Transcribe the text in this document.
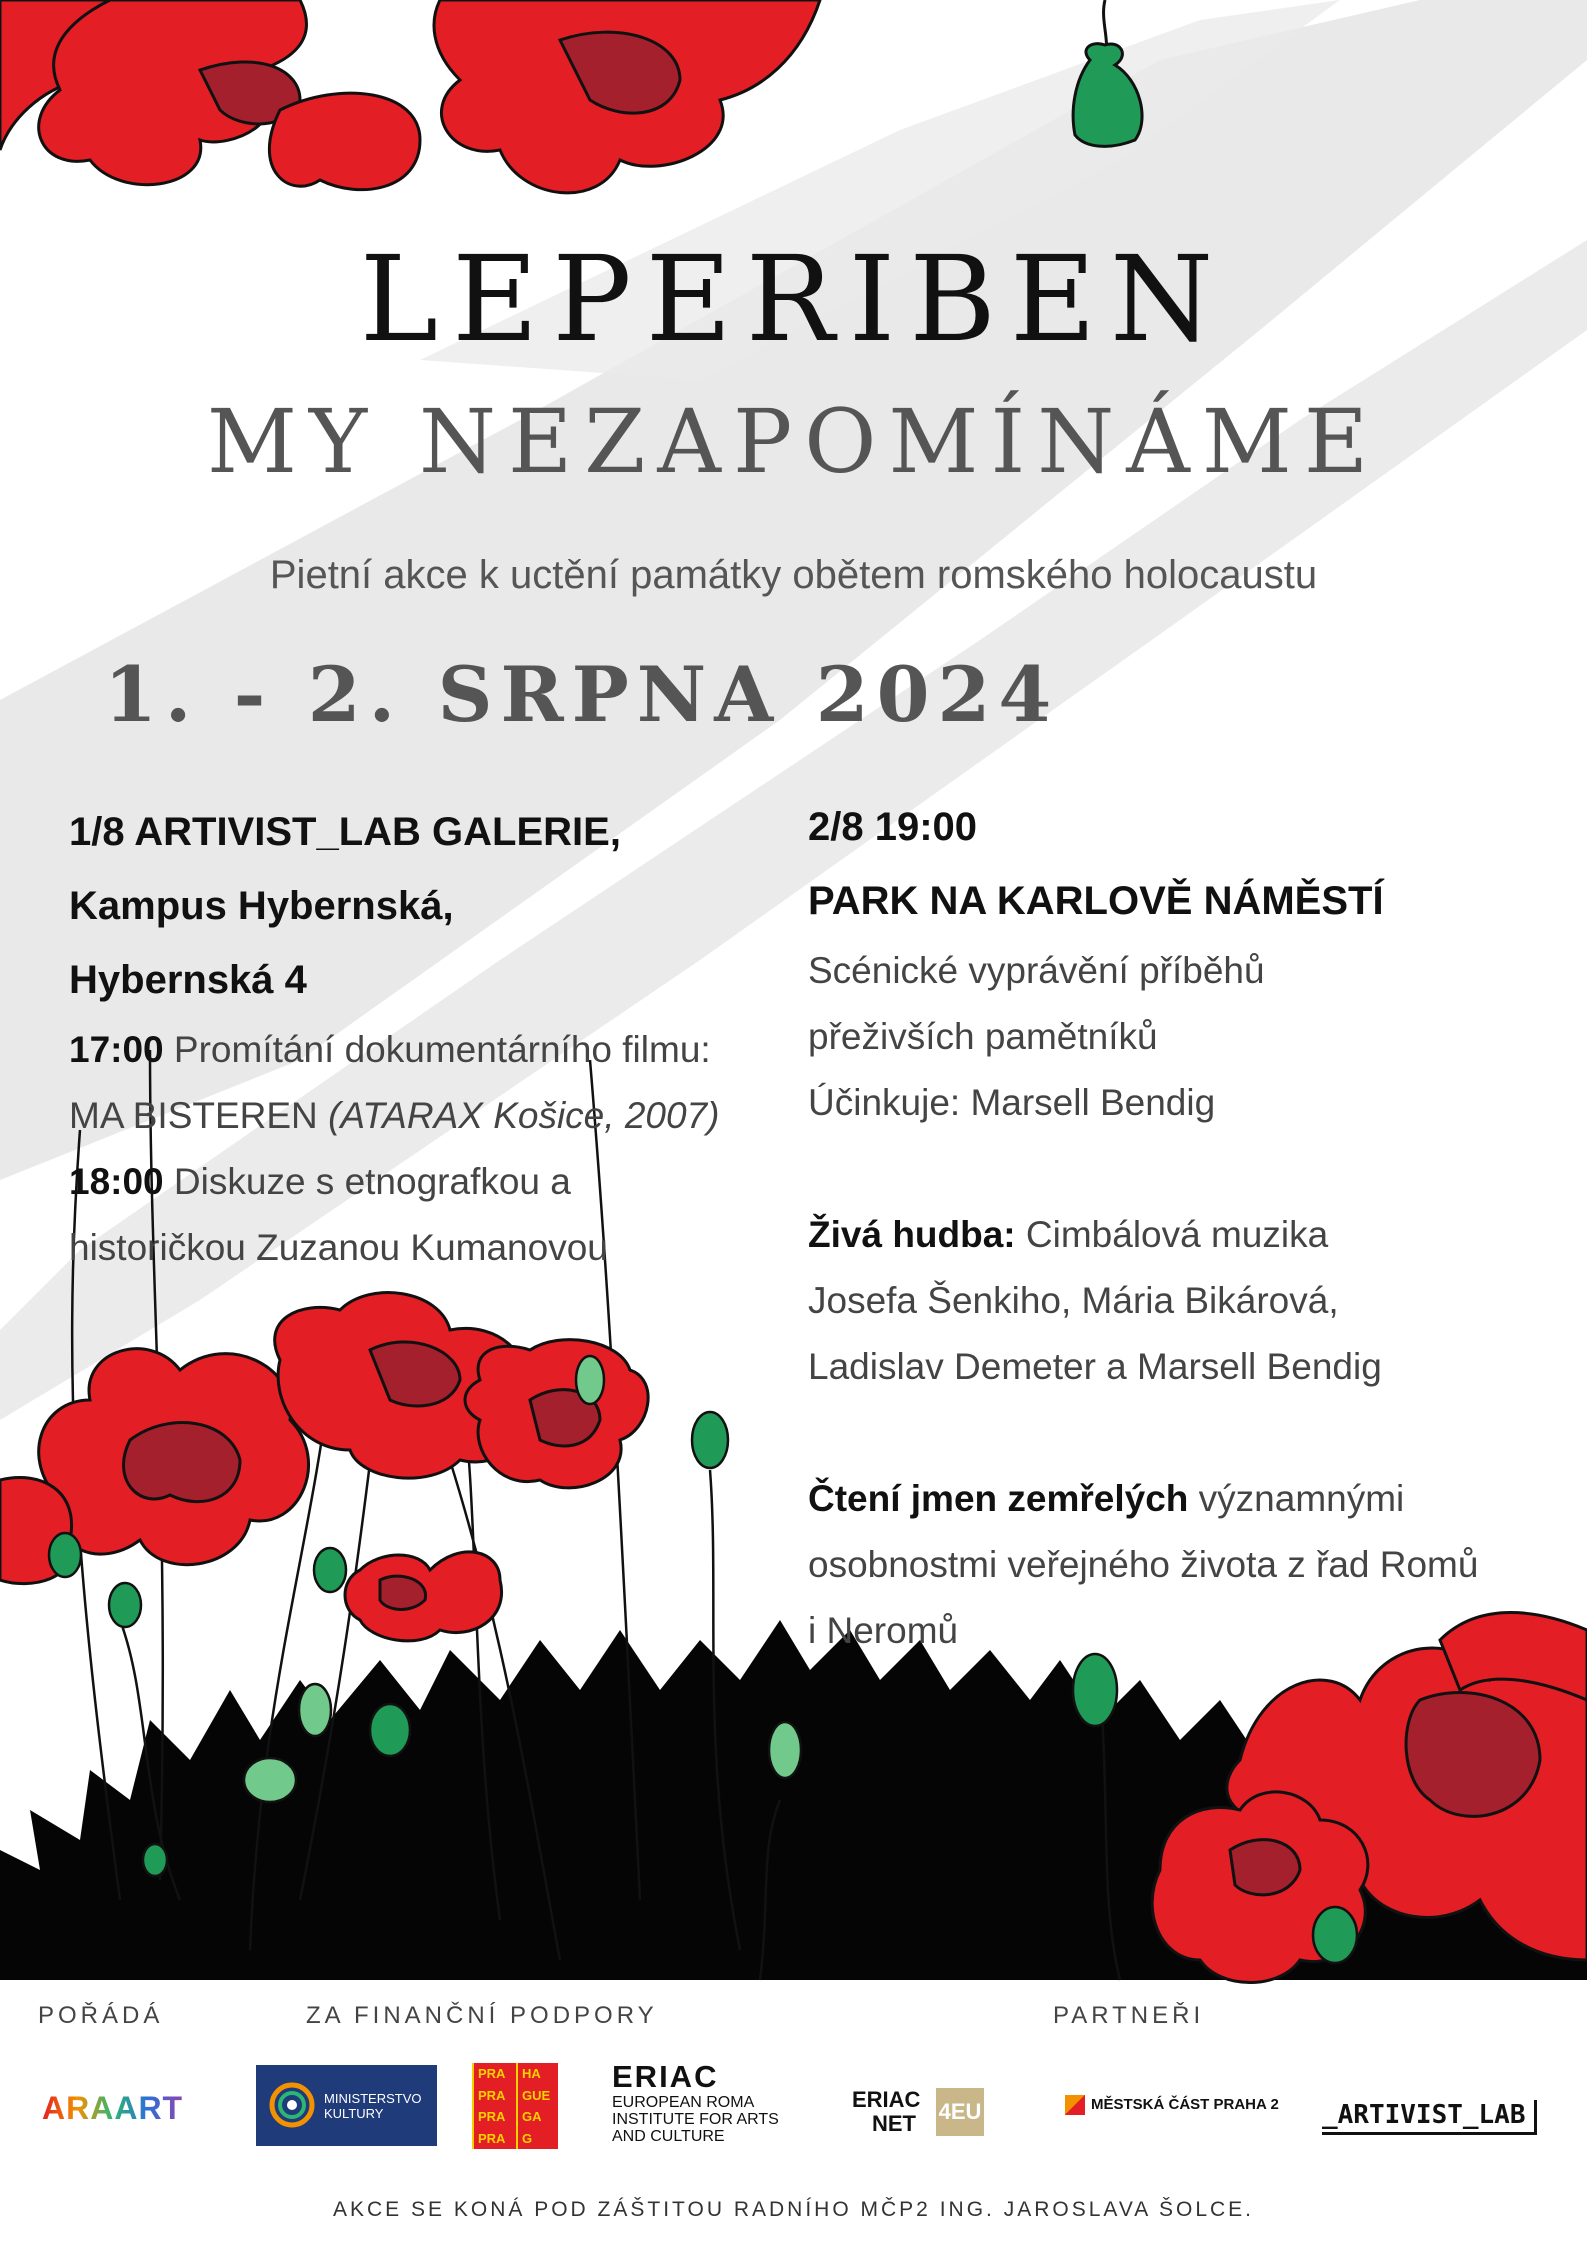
LEPERIBEN
MY NEZAPOMÍNÁME

Pietní akce k uctění památky obětem romského holocaustu

1. - 2. SRPNA 2024

1/8 ARTIVIST_LAB GALERIE,
Kampus Hybernská,
Hybernská 4
17:00 Promítání dokumentárního filmu:
MA BISTEREN (ATARAX Košice, 2007)
18:00 Diskuze s etnografkou a
historičkou Zuzanou Kumanovou
2/8 19:00
PARK NA KARLOVĚ NÁMĚSTÍ
Scénické vyprávění příběhů
přeživších pamětníků
Účinkuje: Marsell Bendig
Živá hudba: Cimbálová muzika
Josefa Šenkiho, Mária Bikárová,
Ladislav Demeter a Marsell Bendig
Čtení jmen zemřelých významnými
osobnostmi veřejného života z řad Romů
i Neromů
POŘÁDÁ	ZA FINANČNÍ PODPORY	PARTNEŘI
ARAART	MINISTERSTVO
KULTURY
PRA	HA
PRA	GUE
PRA	GA
PRA	G
ERIAC
EUROPEAN ROMA
INSTITUTE FOR ARTS
AND CULTURE
ERIAC
NET 4EU	MĚSTSKÁ ČÁST PRAHA 2 _ARTIVIST_LAB

AKCE SE KONÁ POD ZÁŠTITOU RADNÍHO MČP2 ING. JAROSLAVA ŠOLCE.
